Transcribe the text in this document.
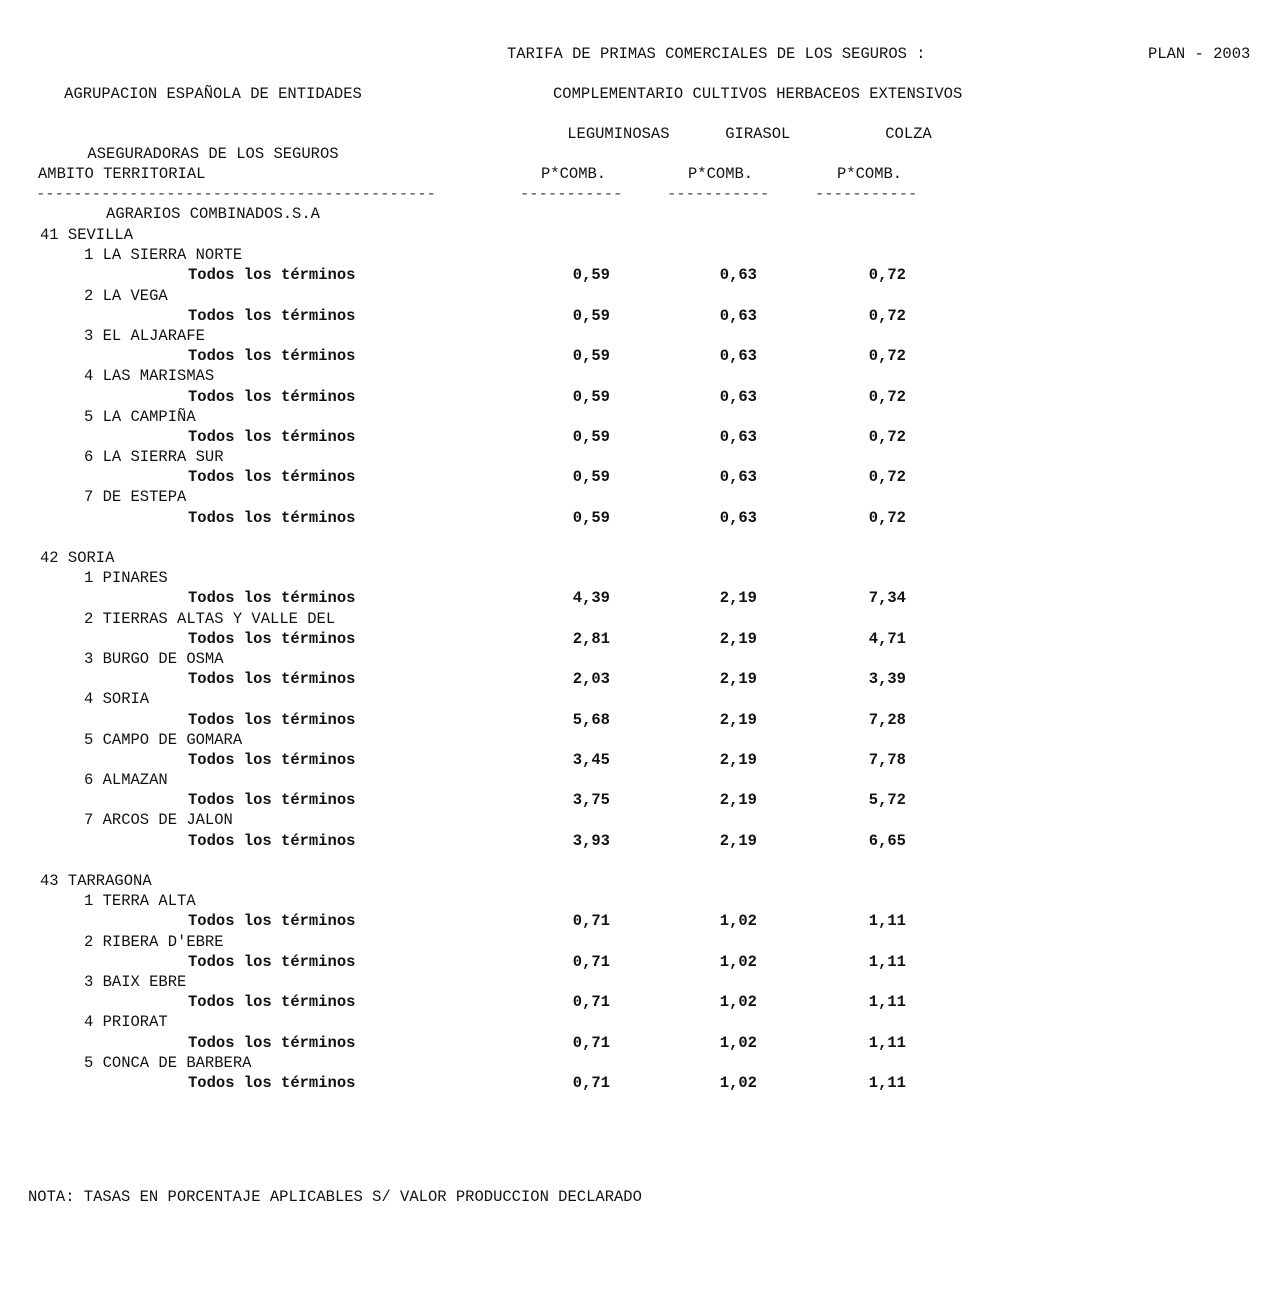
AGRUPACION ESPAÑOLA DE ENTIDADES

ASEGURADORAS DE LOS SEGUROS

AGRARIOS COMBINADOS.S.A

TARIFA DE PRIMAS COMERCIALES DE LOS SEGUROS :	PLAN - 2003
COMPLEMENTARIO CULTIVOS HERBACEOS EXTENSIVOS

LEGUMINOSAS	GIRASOL	COLZA

AMBITO TERRITORIAL	P*COMB.	P*COMB.	P*COMB.
-------------------------------------------	-----------	-----------	-----------
41 SEVILLA
1 LA SIERRA NORTE
Todos los términos	0,59	0,63	0,72
2 LA VEGA
Todos los términos	0,59	0,63	0,72
3 EL ALJARAFE
Todos los términos	0,59	0,63	0,72
4 LAS MARISMAS
Todos los términos	0,59	0,63	0,72
5 LA CAMPIÑA
Todos los términos	0,59	0,63	0,72
6 LA SIERRA SUR
Todos los términos	0,59	0,63	0,72
7 DE ESTEPA
Todos los términos	0,59	0,63	0,72
42 SORIA
1 PINARES
Todos los términos	4,39	2,19	7,34
2 TIERRAS ALTAS Y VALLE DEL
Todos los términos	2,81	2,19	4,71
3 BURGO DE OSMA
Todos los términos	2,03	2,19	3,39
4 SORIA
Todos los términos	5,68	2,19	7,28
5 CAMPO DE GOMARA
Todos los términos	3,45	2,19	7,78
6 ALMAZAN
Todos los términos	3,75	2,19	5,72
7 ARCOS DE JALON
Todos los términos	3,93	2,19	6,65
43 TARRAGONA
1 TERRA ALTA
Todos los términos	0,71	1,02	1,11
2 RIBERA D'EBRE
Todos los términos	0,71	1,02	1,11
3 BAIX EBRE
Todos los términos	0,71	1,02	1,11
4 PRIORAT
Todos los términos	0,71	1,02	1,11
5 CONCA DE BARBERA
Todos los términos	0,71	1,02	1,11
NOTA: TASAS EN PORCENTAJE APLICABLES S/ VALOR PRODUCCION DECLARADO
